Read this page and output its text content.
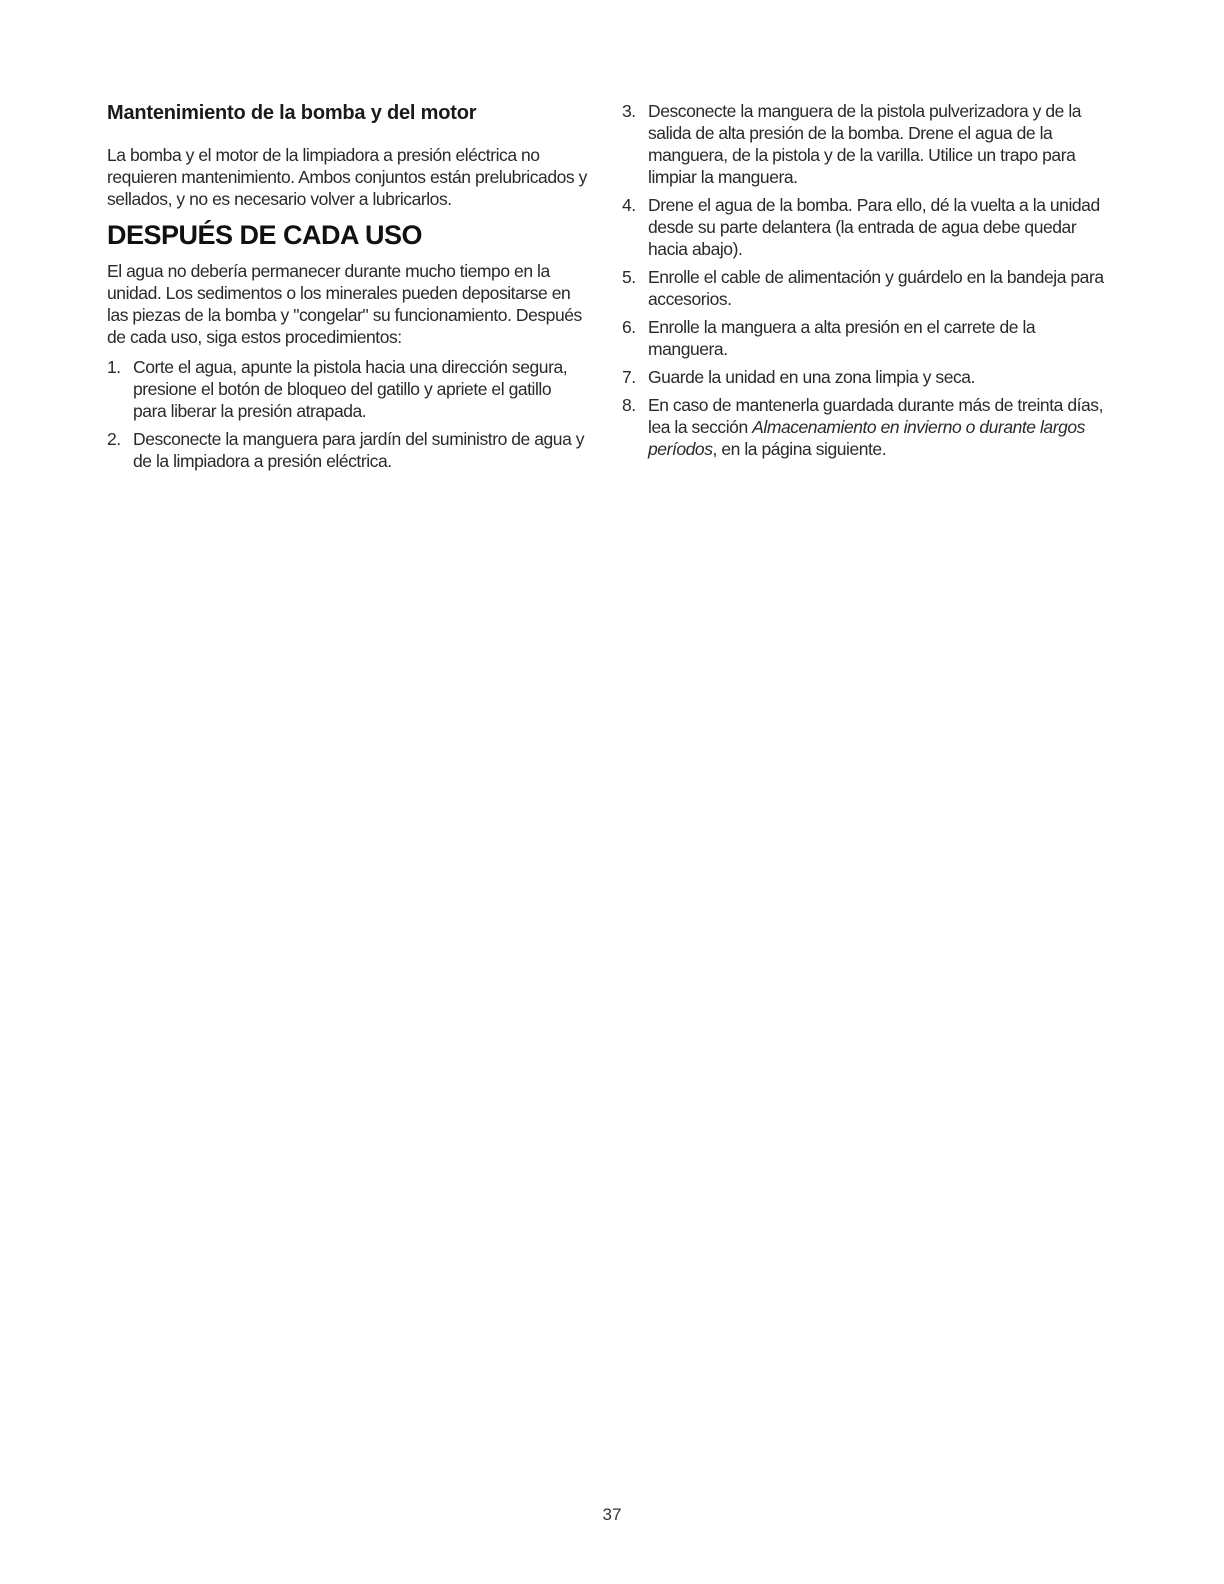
Mantenimiento de la bomba y del motor

La bomba y el motor de la limpiadora a presión eléctrica no requieren mantenimiento. Ambos conjuntos están prelubricados y sellados, y no es necesario volver a lubricarlos.

DESPUÉS DE CADA USO

El agua no debería permanecer durante mucho tiempo en la unidad. Los sedimentos o los minerales pueden depositarse en las piezas de la bomba y "congelar" su funcionamiento. Después de cada uso, siga estos procedimientos:

1. Corte el agua, apunte la pistola hacia una dirección segura, presione el botón de bloqueo del gatillo y apriete el gatillo para liberar la presión atrapada.
2. Desconecte la manguera para jardín del suministro de agua y de la limpiadora a presión eléctrica.
3. Desconecte la manguera de la pistola pulverizadora y de la salida de alta presión de la bomba. Drene el agua de la manguera, de la pistola y de la varilla. Utilice un trapo para limpiar la manguera.
4. Drene el agua de la bomba. Para ello, dé la vuelta a la unidad desde su parte delantera (la entrada de agua debe quedar hacia abajo).
5. Enrolle el cable de alimentación y guárdelo en la bandeja para accesorios.
6. Enrolle la manguera a alta presión en el carrete de la manguera.
7. Guarde la unidad en una zona limpia y seca.
8. En caso de mantenerla guardada durante más de treinta días, lea la sección Almacenamiento en invierno o durante largos períodos, en la página siguiente.
37
